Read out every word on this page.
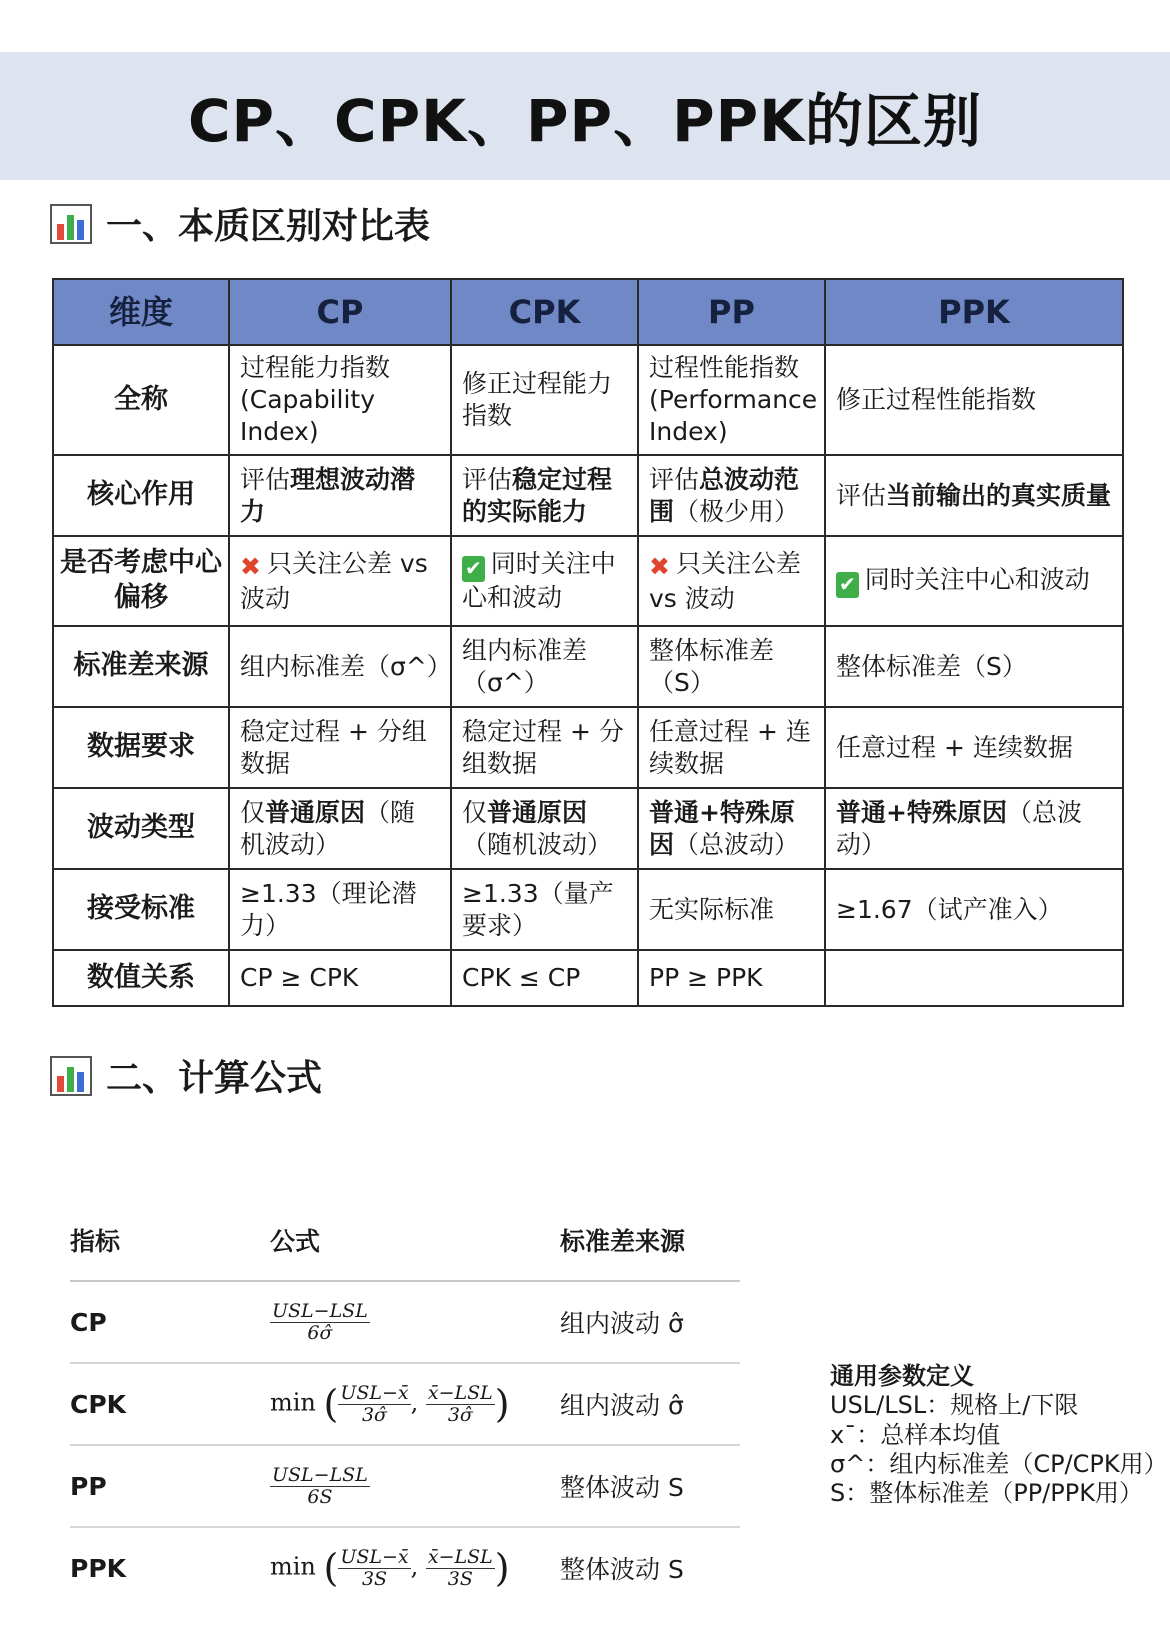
CP、CPK、PP、PPK的区别
一、本质区别对比表
维度	CP	CPK	PP	PPK
全称	过程能力指数(Capability Index)	修正过程能力指数	过程性能指数(Performance Index)	修正过程性能指数
核心作用	评估理想波动潜力	评估稳定过程的实际能力	评估总波动范围（极少用）	评估当前输出的真实质量
是否考虑中心偏移	✖ 只关注公差 vs 波动	✔ 同时关注中心和波动	✖ 只关注公差 vs 波动	✔ 同时关注中心和波动
标准差来源	组内标准差（σ^）	组内标准差（σ^）	整体标准差（S）	整体标准差（S）
数据要求	稳定过程 + 分组数据	稳定过程 + 分组数据	任意过程 + 连续数据	任意过程 + 连续数据
波动类型	仅普通原因（随机波动）	仅普通原因（随机波动）	普通+特殊原因（总波动）	普通+特殊原因（总波动）
接受标准	≥1.33（理论潜力）	≥1.33（量产要求）	无实际标准	≥1.67（试产准入）
数值关系	CP ≥ CPK	CPK ≤ CP	PP ≥ PPK	
二、计算公式
指标	公式	标准差来源
CP	$\frac{\text{USL−LSL}}{6\sigmâ}$	组内波动 σ̂
CPK	min ( $\frac{\text{USL−x̄}}{3\sigmâ}$ , $\frac{\text{x̄−LSL}}{3\sigmâ}$ )	组内波动 σ̂
PP	$\frac{\text{USL−LSL}}{6S}$	整体波动 S
PPK	min ( $\frac{\text{USL−x̄}}{3S}$ , $\frac{\text{x̄−LSL}}{3S}$ )	整体波动 S
通用参数定义
USL/LSL：规格上/下限
x¯：总样本均值
σ^：组内标准差（CP/CPK用）
S：整体标准差（PP/PPK用）
